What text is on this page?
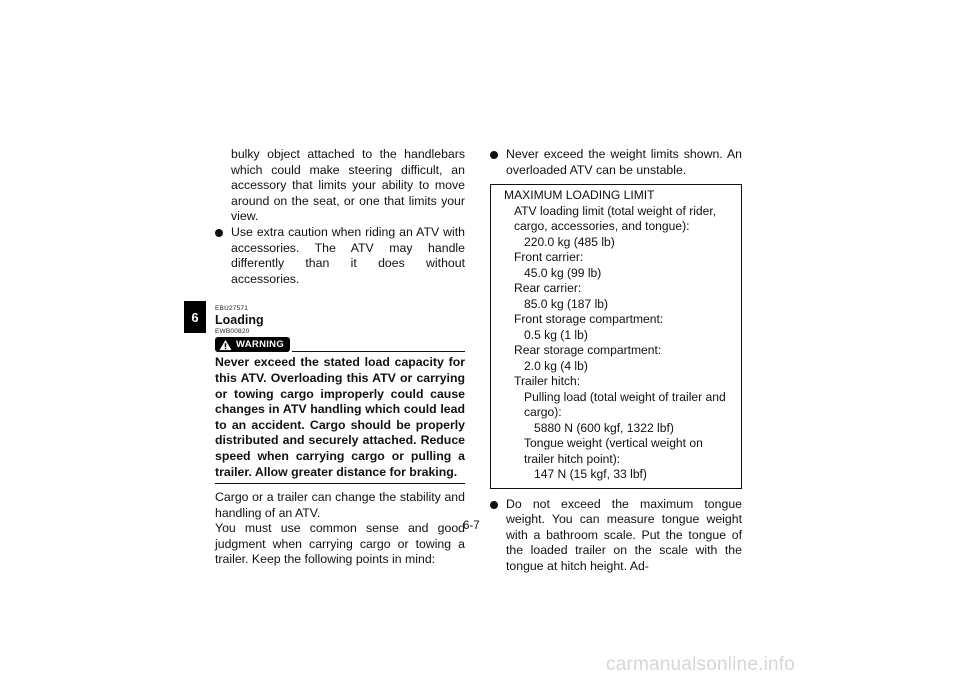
6

bulky object attached to the handlebars which could make steering difficult, an accessory that limits your ability to move around on the seat, or one that limits your view.

Use extra caution when riding an ATV with accessories. The ATV may handle differently than it does without accessories.
EBU27571
Loading
EWB00820
WARNING

Never exceed the stated load capacity for this ATV. Overloading this ATV or carrying or towing cargo improperly could cause changes in ATV handling which could lead to an accident. Cargo should be properly distributed and securely attached. Reduce speed when carrying cargo or pulling a trailer. Allow greater distance for braking.

Cargo or a trailer can change the stability and handling of an ATV.

You must use common sense and good judgment when carrying cargo or towing a trailer. Keep the following points in mind:

Never exceed the weight limits shown. An overloaded ATV can be unstable.
MAXIMUM LOADING LIMIT
ATV loading limit (total weight of rider, cargo, accessories, and tongue):
220.0 kg (485 lb)
Front carrier:
45.0 kg (99 lb)
Rear carrier:
85.0 kg (187 lb)
Front storage compartment:
0.5 kg (1 lb)
Rear storage compartment:
2.0 kg (4 lb)
Trailer hitch:
Pulling load (total weight of trailer and cargo):
5880 N (600 kgf, 1322 lbf)
Tongue weight (vertical weight on trailer hitch point):
147 N (15 kgf, 33 lbf)
Do not exceed the maximum tongue weight. You can measure tongue weight with a bathroom scale. Put the tongue of the loaded trailer on the scale with the tongue at hitch height. Ad-
6-7
carmanualsonline.info
